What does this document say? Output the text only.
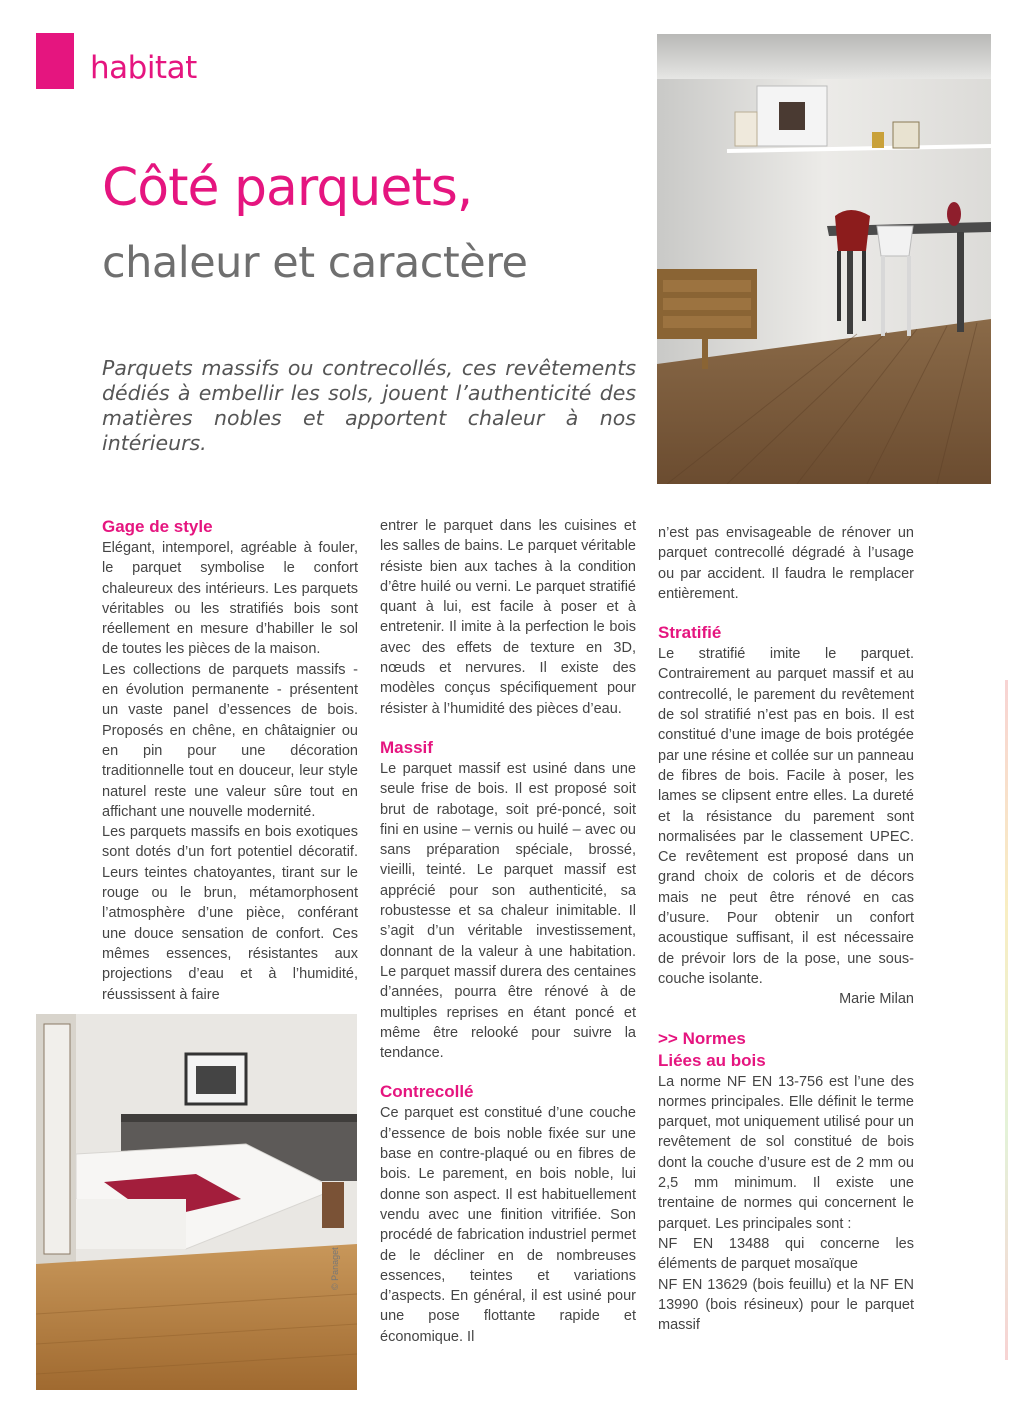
habitat
Côté parquets,
chaleur et caractère
Parquets massifs ou contrecollés, ces revêtements dédiés à embellir les sols, jouent l’authenticité des matières nobles et apportent chaleur à nos intérieurs.
Gage de style

Elégant, intemporel, agréable à fouler, le parquet symbolise le confort chaleureux des intérieurs. Les parquets véritables ou les stratifiés bois sont réellement en mesure d’habiller le sol de toutes les pièces de la maison.

Les collections de parquets massifs - en évolution permanente - présentent un vaste panel d’essences de bois. Proposés en chêne, en châtaignier ou en pin pour une décoration traditionnelle tout en douceur, leur style naturel reste une valeur sûre tout en affichant une nouvelle modernité.

Les parquets massifs en bois exotiques sont dotés d’un fort potentiel décoratif. Leurs teintes chatoyantes, tirant sur le rouge ou le brun, métamorphosent l’atmosphère d’une pièce, conférant une douce sensation de confort. Ces mêmes essences, résistantes aux projections d’eau et à l’humidité, réussissent à faire

© Panaget

entrer le parquet dans les cuisines et les salles de bains. Le parquet véritable résiste bien aux taches à la condition d’être huilé ou verni. Le parquet stratifié quant à lui, est facile à poser et à entretenir. Il imite à la perfection le bois avec des effets de texture en 3D, nœuds et nervures. Il existe des modèles conçus spécifiquement pour résister à l’humidité des pièces d’eau.

Massif

Le parquet massif est usiné dans une seule frise de bois. Il est proposé soit brut de rabotage, soit pré-poncé, soit fini en usine – vernis ou huilé – avec ou sans préparation spéciale, brossé, vieilli, teinté. Le parquet massif est apprécié pour son authenticité, sa robustesse et sa chaleur inimitable. Il s’agit d’un véritable investissement, donnant de la valeur à une habitation. Le parquet massif durera des centaines d’années, pourra être rénové à de multiples reprises en étant poncé et même être relooké pour suivre la tendance.

Contrecollé

Ce parquet est constitué d’une couche d’essence de bois noble fixée sur une base en contre-plaqué ou en fibres de bois. Le parement, en bois noble, lui donne son aspect. Il est habituellement vendu avec une finition vitrifiée. Son procédé de fabrication industriel permet de le décliner en de nombreuses essences, teintes et variations d’aspects. En général, il est usiné pour une pose flottante rapide et économique. Il

n’est pas envisageable de rénover un parquet contrecollé dégradé à l’usage ou par accident. Il faudra le remplacer entièrement.

Stratifié

Le stratifié imite le parquet. Contrairement au parquet massif et au contrecollé, le parement du revêtement de sol stratifié n’est pas en bois. Il est constitué d’une image de bois protégée par une résine et collée sur un panneau de fibres de bois. Facile à poser, les lames se clipsent entre elles. La dureté et la résistance du parement sont normalisées par le classement UPEC. Ce revêtement est proposé dans un grand choix de coloris et de décors mais ne peut être rénové en cas d’usure. Pour obtenir un confort acoustique suffisant, il est nécessaire de prévoir lors de la pose, une sous-couche isolante.

Marie Milan

>> Normes
Liées au bois

La norme NF EN 13-756 est l’une des normes principales. Elle définit le terme parquet, mot uniquement utilisé pour un revêtement de sol constitué de bois dont la couche d’usure est de 2 mm ou 2,5 mm minimum. Il existe une trentaine de normes qui concernent le parquet. Les principales sont :

NF EN 13488 qui concerne les éléments de parquet mosaïque

NF EN 13629 (bois feuillu) et la NF EN 13990 (bois résineux) pour le parquet massif
